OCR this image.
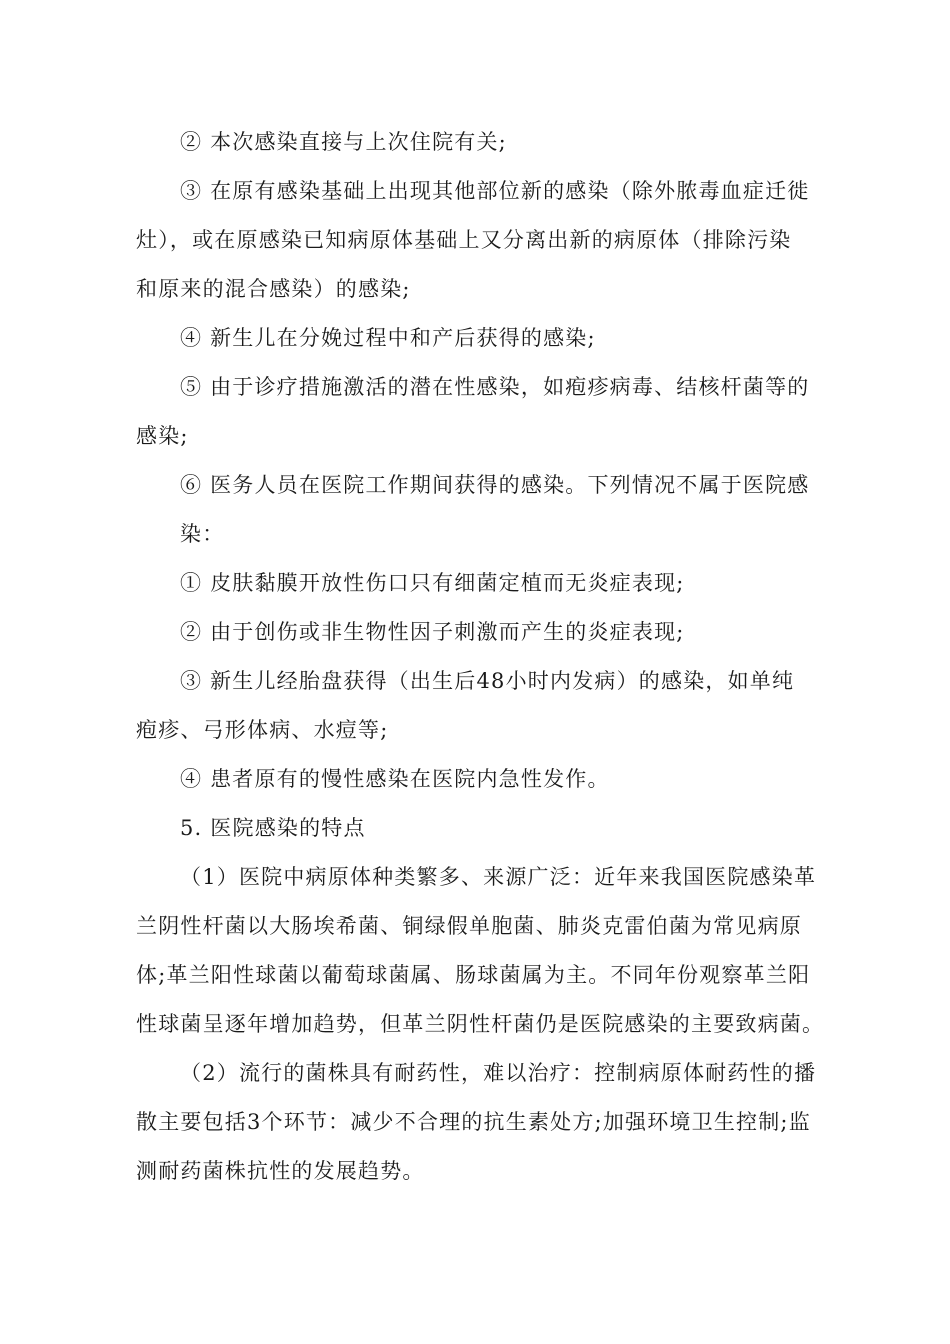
② 本次感染直接与上次住院有关;
③ 在原有感染基础上出现其他部位新的感染（除外脓毒血症迁徙
灶），或在原感染已知病原体基础上又分离出新的病原体（排除污染
和原来的混合感染）的感染;
④ 新生儿在分娩过程中和产后获得的感染;
⑤ 由于诊疗措施激活的潜在性感染，如疱疹病毒、结核杆菌等的
感染;
⑥ 医务人员在医院工作期间获得的感染。下列情况不属于医院感
染：
① 皮肤黏膜开放性伤口只有细菌定植而无炎症表现;
② 由于创伤或非生物性因子刺激而产生的炎症表现;
③ 新生儿经胎盘获得（出生后48小时内发病）的感染，如单纯
疱疹、弓形体病、水痘等;
④ 患者原有的慢性感染在医院内急性发作。
5. 医院感染的特点
（1）医院中病原体种类繁多、来源广泛：近年来我国医院感染革
兰阴性杆菌以大肠埃希菌、铜绿假单胞菌、肺炎克雷伯菌为常见病原
体;革兰阳性球菌以葡萄球菌属、肠球菌属为主。不同年份观察革兰阳
性球菌呈逐年增加趋势，但革兰阴性杆菌仍是医院感染的主要致病菌。
（2）流行的菌株具有耐药性，难以治疗：控制病原体耐药性的播
散主要包括3个环节：减少不合理的抗生素处方;加强环境卫生控制;监
测耐药菌株抗性的发展趋势。
